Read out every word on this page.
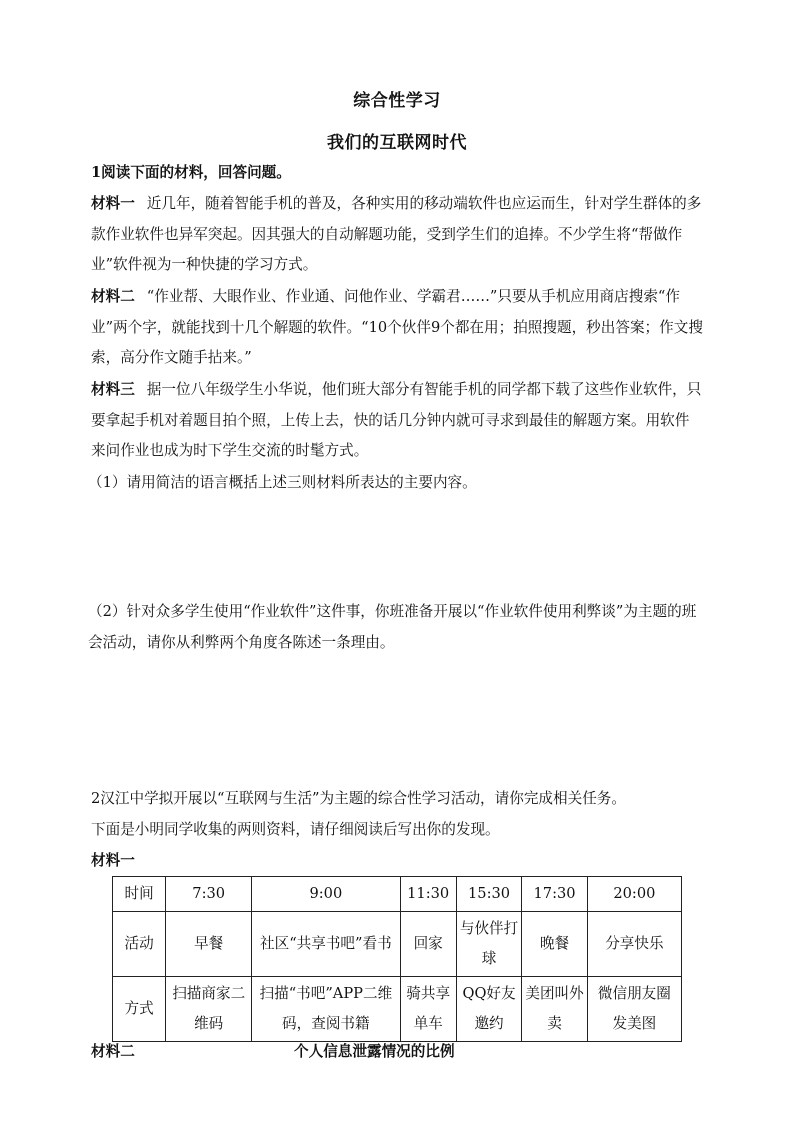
综合性学习
我们的互联网时代
1阅读下面的材料，回答问题。
材料一 近几年，随着智能手机的普及，各种实用的移动端软件也应运而生，针对学生群体的多款作业软件也异军突起。因其强大的自动解题功能，受到学生们的追捧。不少学生将“帮做作业”软件视为一种快捷的学习方式。
材料二 “作业帮、大眼作业、作业通、问他作业、学霸君……”只要从手机应用商店搜索“作业”两个字，就能找到十几个解题的软件。“10个伙伴9个都在用；拍照搜题，秒出答案；作文搜索，高分作文随手拈来。”
材料三 据一位八年级学生小华说，他们班大部分有智能手机的同学都下载了这些作业软件，只要拿起手机对着题目拍个照，上传上去，快的话几分钟内就可寻求到最佳的解题方案。用软件来问作业也成为时下学生交流的时髦方式。
（1）请用简洁的语言概括上述三则材料所表达的主要内容。
（2）针对众多学生使用“作业软件”这件事，你班准备开展以“作业软件使用利弊谈”为主题的班会活动，请你从利弊两个角度各陈述一条理由。
2汉江中学拟开展以“互联网与生活”为主题的综合性学习活动，请你完成相关任务。
下面是小明同学收集的两则资料，请仔细阅读后写出你的发现。
材料一
时间	7:30	9:00	11:30	15:30	17:30	20:00
活动	早餐	社区“共享书吧”看书	回家	与伙伴打球	晚餐	分享快乐
方式	扫描商家二维码	扫描“书吧”APP二维码，查阅书籍	骑共享单车	QQ好友邀约	美团叫外卖	微信朋友圈发美图
材料二	个人信息泄露情况的比例
